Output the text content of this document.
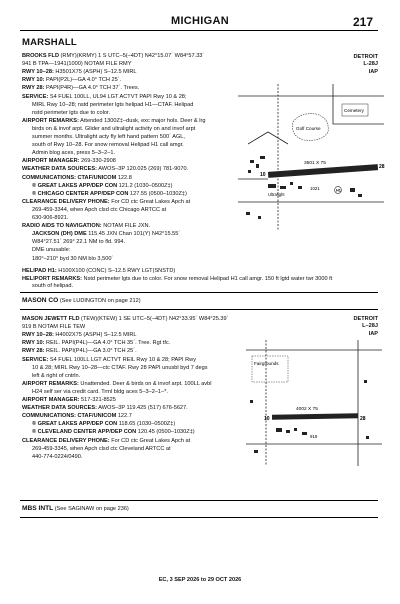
MICHIGAN	217
MARSHALL
DETROIT
L-28J
IAP
BROOKS FLD (RMY)(KRMY) 1 S UTC–5(–4DT) N42°15.07´ W84°57.33´
941 B TPA—1941(1000) NOTAM FILE RMY
RWY 10–28: H3501X75 (ASPH) S–12.5 MIRL
RWY 10: PAPI(P2L)—GA 4.0° TCH 25´.
RWY 28: PAPI(P4R)—GA 4.0° TCH 37´. Trees.
SERVICE: S4 FUEL 100LL, UL94 LGT ACTVT PAPI Rwy 10 & 28;
MIRL Rwy 10–28; nstd perimeter lgts helipad H1—CTAF. Helipad
nstd perimeter lgts due to color.
AIRPORT REMARKS: Attended 1300Z‡–dusk, exc major hols. Deer & lrg
birds on & invof arpt. Glider and ultralight activity on and invof arpt
summer months. Ultralight acty fly left hand pattern 500´ AGL,
south of Rwy 10–28. For snow removal Helipad H1 call amgr.
Admin blog aces, press 5–3–2–1.
AIRPORT MANAGER: 269-330-2908
WEATHER DATA SOURCES: AWOS–3P 120.025 (269) 781-9070.
COMMUNICATIONS: CTAF/UNICOM 122.8
® GREAT LAKES APP/DEP CON 121.2 (1030–0500Z‡)
® CHICAGO CENTER APP/DEP CON 127.55 (0500–1030Z‡)
CLEARANCE DELIVERY PHONE: For CD ctc Great Lakes Apch at
269-459-3344, when Apch clsd ctc Chicago ARTCC at
630-906-8921.
RADIO AIDS TO NAVIGATION: NOTAM FILE JXN.
JACKSON (DH) DME 115.45 JXN Chan 101(Y) N42°15.55´
W84°27.51´ 269° 22.1 NM to fld. 994.
DME unusable:
180°–210° byd 30 NM blo 3,500´
Golf Course
Cemetery
10
28
3501 X 75
Ultralight
1021	H1
HELIPAD H1: H100X100 (CONC) S–12.5 RWY LGT(SNSTD)
HELIPORT REMARKS: Nstd perimeter lgts due to color. For snow removal Helipad H1 call amgr. 150 ft lgtd water twr 3000 ft
south of helipad.
MASON CO (See LUDINGTON on page 212)
DETROIT
L–28J
IAP
MASON JEWETT FLD (TEW)(KTEW) 1 SE UTC–5(–4DT) N42°33.95´ W84°25.39´
919 B NOTAM FILE TEW
RWY 10–28: H4002X75 (ASPH) S–12.5 MIRL
RWY 10: REIL. PAPI(P4L)—GA 4.0° TCH 35´. Tree. Rgt tfc.
RWY 28: REIL. PAPI(P4L)—GA 3.0° TCH 25´.
SERVICE: S4 FUEL 100LL LGT ACTVT REIL Rwy 10 & 28; PAPI Rwy
10 & 28; MIRL Rwy 10–28—ctc CTAF. Rwy 28 PAPI unusbl byd 7 degs
left & right of cntrln.
AIRPORT REMARKS: Unattended. Deer & birds on & invof arpt. 100LL avbl
H24 self ser via credit card. Trml bldg aces 5–3–2–1–*.
AIRPORT MANAGER: 517-321-8525
WEATHER DATA SOURCES: AWOS–3P 119.425 (517) 676-5627.
COMMUNICATIONS: CTAF/UNICOM 122.7
® GREAT LAKES APP/DEP CON 118.65 (1030–0500Z‡)
® CLEVELAND CENTER APP/DEP CON 120.45 (0500–1030Z‡)
CLEARANCE DELIVERY PHONE: For CD ctc Great Lakes Apch at
269-459-3345, when Apch clsd ctc Cleveland ARTCC at
440-774-0224/0490.
Fairgrounds
10	28
4002 X 75
919
MBS INTL (See SAGINAW on page 236)
EC, 3 SEP 2026 to 29 OCT 2026
